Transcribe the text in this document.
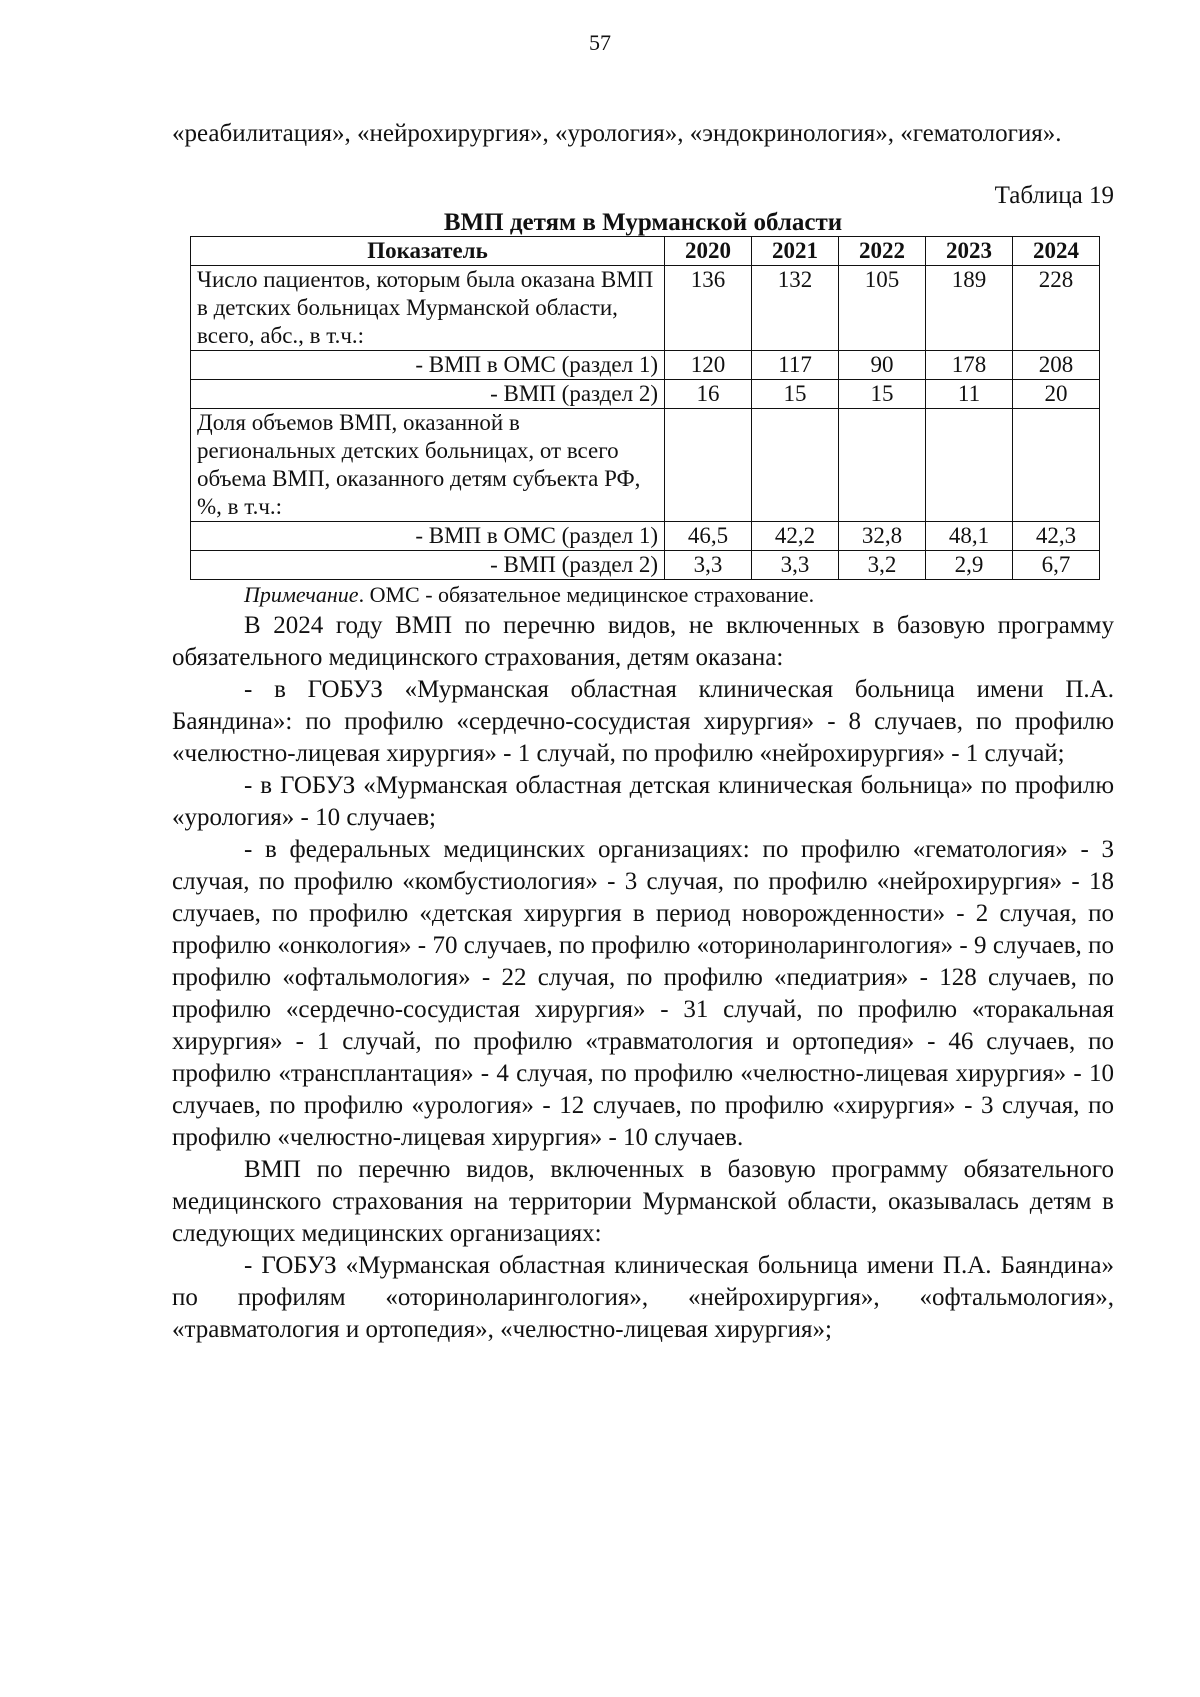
57

«реабилитация», «нейрохирургия», «урология», «эндокринология», «гематология».

Таблица 19
ВМП детям в Мурманской области
Показатель	2020	2021	2022	2023	2024
Число пациентов, которым была оказана ВМП в детских больницах Мурманской области, всего, абс., в т.ч.:	136	132	105	189	228
- ВМП в ОМС (раздел 1)	120	117	90	178	208
- ВМП (раздел 2)	16	15	15	11	20
Доля объемов ВМП, оказанной в региональных детских больницах, от всего объема ВМП, оказанного детям субъекта РФ, %, в т.ч.:					
- ВМП в ОМС (раздел 1)	46,5	42,2	32,8	48,1	42,3
- ВМП (раздел 2)	3,3	3,3	3,2	2,9	6,7
Примечание. ОМС - обязательное медицинское страхование.

В 2024 году ВМП по перечню видов, не включенных в базовую программу обязательного медицинского страхования, детям оказана:

- в ГОБУЗ «Мурманская областная клиническая больница имени П.А. Баяндина»: по профилю «сердечно-сосудистая хирургия» - 8 случаев, по профилю «челюстно-лицевая хирургия» - 1 случай, по профилю «нейрохирургия» - 1 случай;

- в ГОБУЗ «Мурманская областная детская клиническая больница» по профилю «урология» - 10 случаев;

- в федеральных медицинских организациях: по профилю «гематология» - 3 случая, по профилю «комбустиология» - 3 случая, по профилю «нейрохирургия» - 18 случаев, по профилю «детская хирургия в период новорожденности» - 2 случая, по профилю «онкология» - 70 случаев, по профилю «оториноларингология» - 9 случаев, по профилю «офтальмология» - 22 случая, по профилю «педиатрия» - 128 случаев, по профилю «сердечно-сосудистая хирургия» - 31 случай, по профилю «торакальная хирургия» - 1 случай, по профилю «травматология и ортопедия» - 46 случаев, по профилю «трансплантация» - 4 случая, по профилю «челюстно-лицевая хирургия» - 10 случаев, по профилю «урология» - 12 случаев, по профилю «хирургия» - 3 случая, по профилю «челюстно-лицевая хирургия» - 10 случаев.

ВМП по перечню видов, включенных в базовую программу обязательного медицинского страхования на территории Мурманской области, оказывалась детям в следующих медицинских организациях:

- ГОБУЗ «Мурманская областная клиническая больница имени П.А. Баяндина» по профилям «оториноларингология», «нейрохирургия», «офтальмология», «травматология и ортопедия», «челюстно-лицевая хирургия»;
